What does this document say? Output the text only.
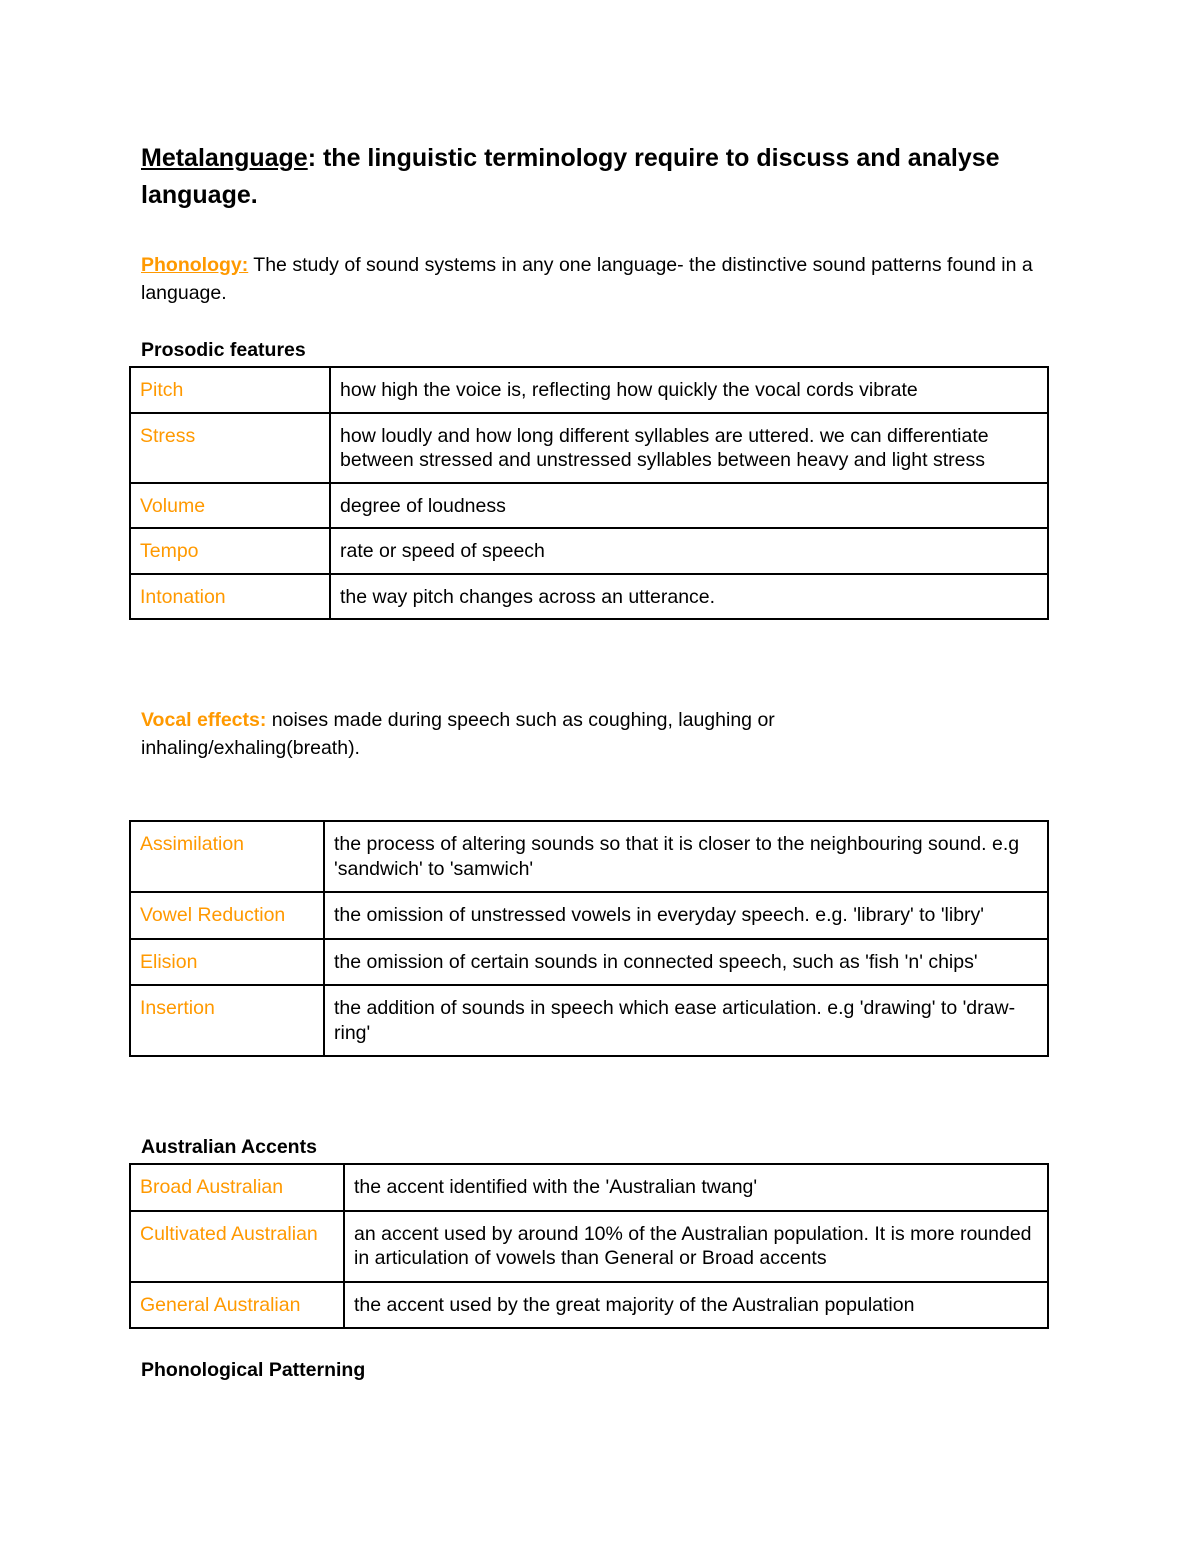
Metalanguage: the linguistic terminology require to discuss and analyse language.

Phonology: The study of sound systems in any one language- the distinctive sound patterns found in a language.

Prosodic features

Pitch	how high the voice is, reflecting how quickly the vocal cords vibrate
Stress	how loudly and how long different syllables are uttered. we can differentiate between stressed and unstressed syllables between heavy and light stress
Volume	degree of loudness
Tempo	rate or speed of speech
Intonation	the way pitch changes across an utterance.

Vocal effects: noises made during speech such as coughing, laughing or inhaling/exhaling(breath).

Assimilation	the process of altering sounds so that it is closer to the neighbouring sound. e.g 'sandwich' to 'samwich'
Vowel Reduction	the omission of unstressed vowels in everyday speech. e.g. 'library' to 'libry'
Elision	the omission of certain sounds in connected speech, such as 'fish 'n' chips'
Insertion	the addition of sounds in speech which ease articulation. e.g 'drawing' to 'draw-ring'

Australian Accents

Broad Australian	the accent identified with the 'Australian twang'
Cultivated Australian	an accent used by around 10% of the Australian population. It is more rounded in articulation of vowels than General or Broad accents
General Australian	the accent used by the great majority of the Australian population

Phonological Patterning
